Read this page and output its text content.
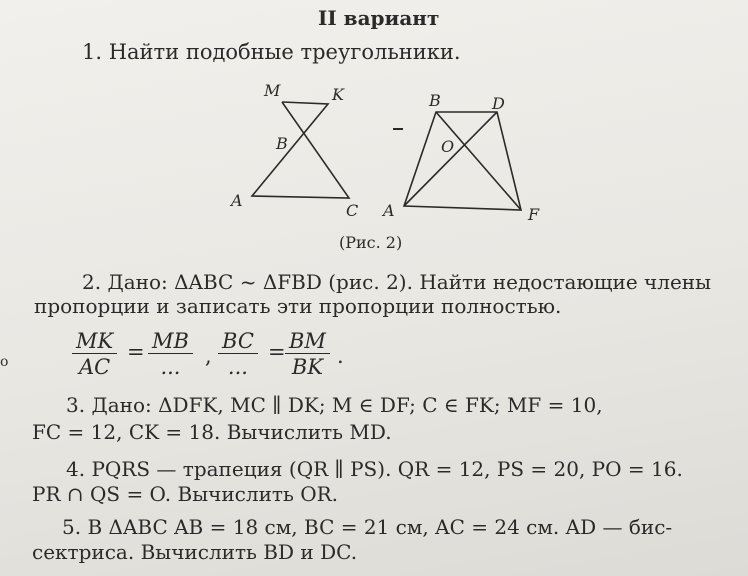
II вариант
1. Найти подобные треугольники.
M	K
B
A
C
B	D
O
A	F
(Рис. 2)
2. Дано: ΔABC ~ ΔFBD (рис. 2). Найти недостающие члены
пропорции и записать эти пропорции полностью.
$\frac{MK}{AC}$ = MB
...	,
BC
...
= $\frac{BM}{BK}$ .
3. Дано: ΔDFK, MC ∥ DK; M ∈ DF; C ∈ FK; MF = 10,
FC = 12, CK = 18. Вычислить MD.
4. PQRS — трапеция (QR ∥ PS). QR = 12, PS = 20, PO = 16.
PR ∩ QS = O. Вычислить OR.
5. В ΔABC AB = 18 см, BC = 21 см, AC = 24 см. AD — бис-
сектриса. Вычислить BD и DC.
o
